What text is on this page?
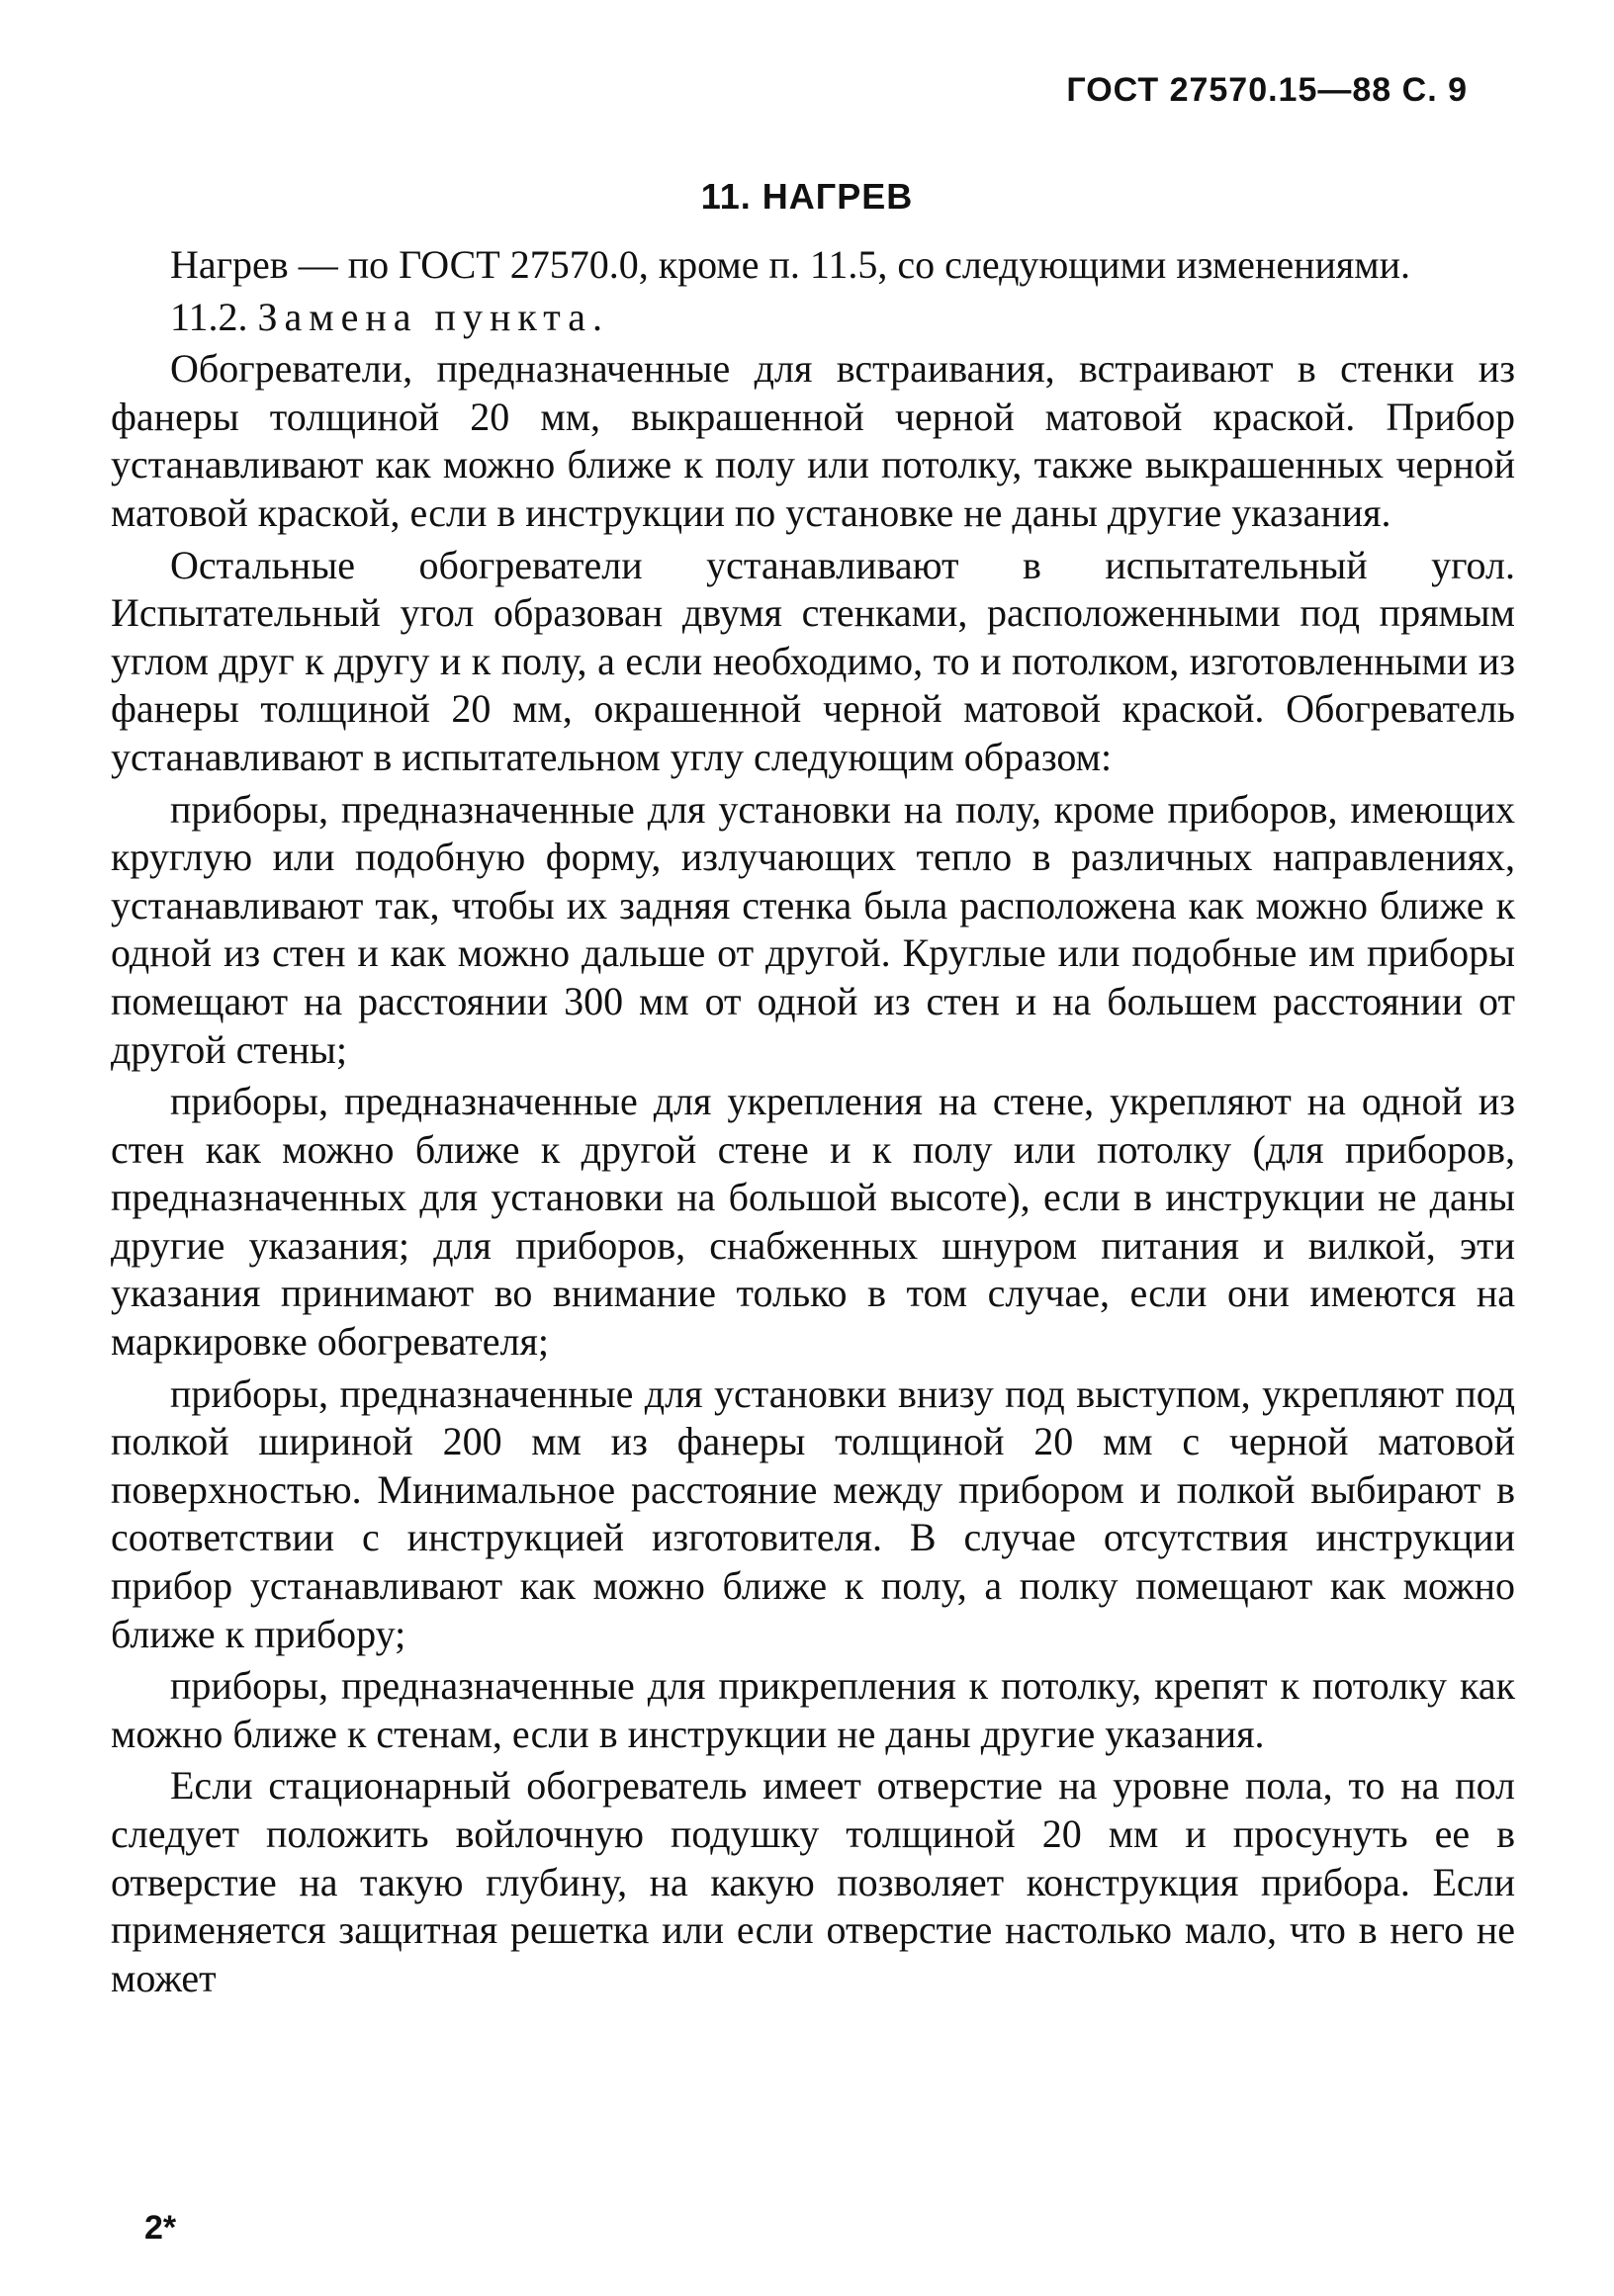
ГОСТ 27570.15—88 С. 9
11. НАГРЕВ

Нагрев — по ГОСТ 27570.0, кроме п. 11.5, со следующими изменениями.

11.2. Замена пункта.

Обогреватели, предназначенные для встраивания, встраивают в стенки из фанеры толщиной 20 мм, выкрашенной черной матовой краской. Прибор устанавливают как можно ближе к полу или потолку, также выкрашенных черной матовой краской, если в инструкции по установке не даны другие указания.

Остальные обогреватели устанавливают в испытательный угол. Испытательный угол образован двумя стенками, расположенными под прямым углом друг к другу и к полу, а если необходимо, то и потолком, изготовленными из фанеры толщиной 20 мм, окрашенной черной матовой краской. Обогреватель устанавливают в испытательном углу следующим образом:

приборы, предназначенные для установки на полу, кроме приборов, имеющих круглую или подобную форму, излучающих тепло в различных направлениях, устанавливают так, чтобы их задняя стенка была расположена как можно ближе к одной из стен и как можно дальше от другой. Круглые или подобные им приборы помещают на расстоянии 300 мм от одной из стен и на большем расстоянии от другой стены;

приборы, предназначенные для укрепления на стене, укрепляют на одной из стен как можно ближе к другой стене и к полу или потолку (для приборов, предназначенных для установки на большой высоте), если в инструкции не даны другие указания; для приборов, снабженных шнуром питания и вилкой, эти указания принимают во внимание только в том случае, если они имеются на маркировке обогревателя;

приборы, предназначенные для установки внизу под выступом, укрепляют под полкой шириной 200 мм из фанеры толщиной 20 мм с черной матовой поверхностью. Минимальное расстояние между прибором и полкой выбирают в соответствии с инструкцией изготовителя. В случае отсутствия инструкции прибор устанавливают как можно ближе к полу, а полку помещают как можно ближе к прибору;

приборы, предназначенные для прикрепления к потолку, крепят к потолку как можно ближе к стенам, если в инструкции не даны другие указания.

Если стационарный обогреватель имеет отверстие на уровне пола, то на пол следует положить войлочную подушку толщиной 20 мм и просунуть ее в отверстие на такую глубину, на какую позволяет конструкция прибора. Если применяется защитная решетка или если отверстие настолько мало, что в него не может

2*
